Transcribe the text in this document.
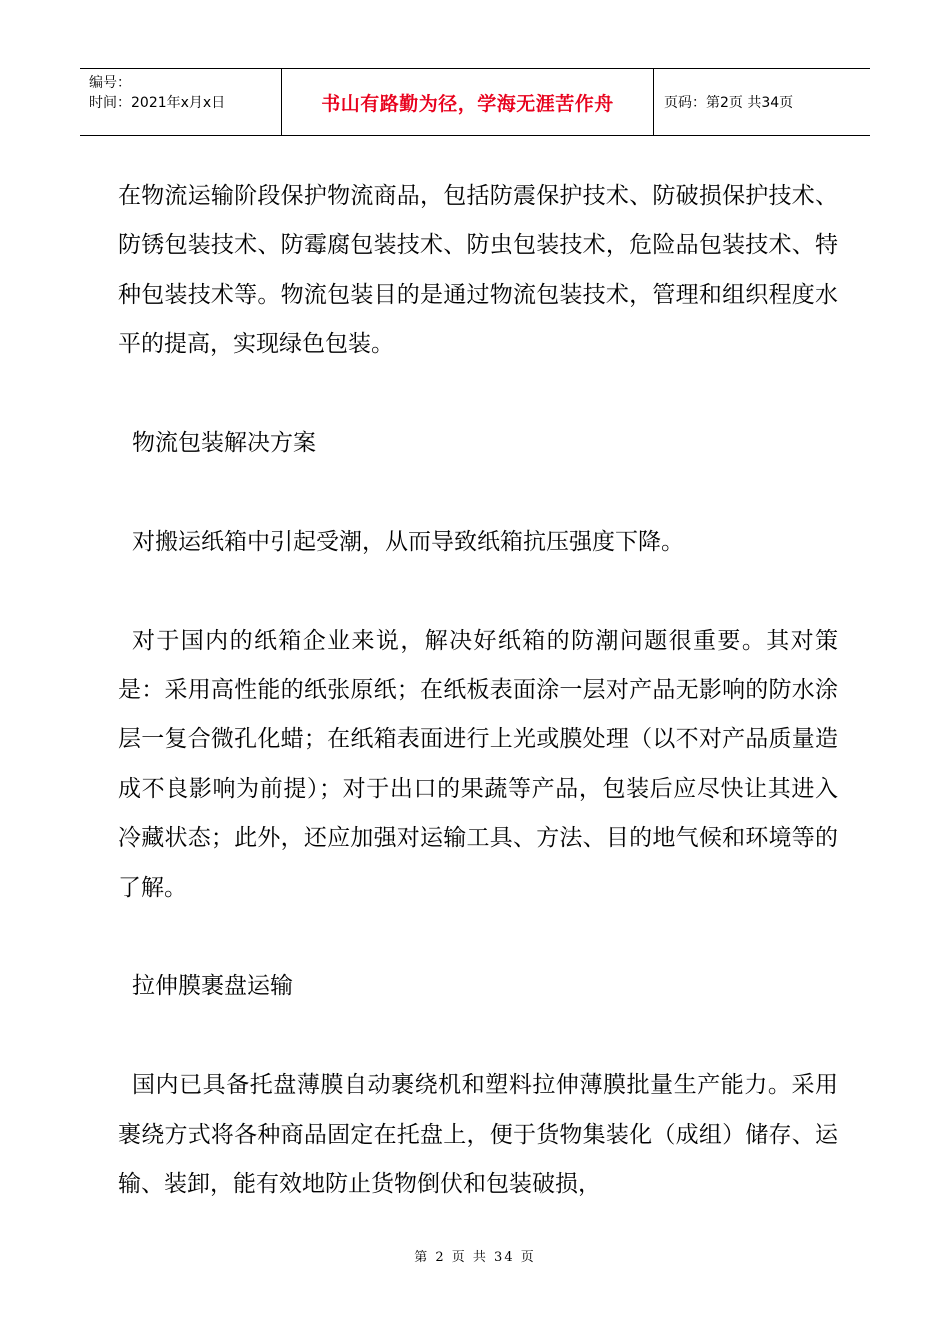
编号：
时间：2021年x月x日	书山有路勤为径，学海无涯苦作舟	页码：第2页 共34页

在物流运输阶段保护物流商品，包括防震保护技术、防破损保护技术、防锈包装技术、防霉腐包装技术、防虫包装技术，危险品包装技术、特种包装技术等。物流包装目的是通过物流包装技术，管理和组织程度水平的提高，实现绿色包装。

物流包装解决方案

对搬运纸箱中引起受潮，从而导致纸箱抗压强度下降。

对于国内的纸箱企业来说，解决好纸箱的防潮问题很重要。其对策是：采用高性能的纸张原纸；在纸板表面涂一层对产品无影响的防水涂层一复合微孔化蜡；在纸箱表面进行上光或膜处理（以不对产品质量造成不良影响为前提）；对于出口的果蔬等产品，包装后应尽快让其进入冷藏状态；此外，还应加强对运输工具、方法、目的地气候和环境等的了解。

拉伸膜裹盘运输

国内已具备托盘薄膜自动裹绕机和塑料拉伸薄膜批量生产能力。采用裹绕方式将各种商品固定在托盘上，便于货物集装化（成组）储存、运输、装卸，能有效地防止货物倒伏和包装破损，

第 2 页 共 34 页
